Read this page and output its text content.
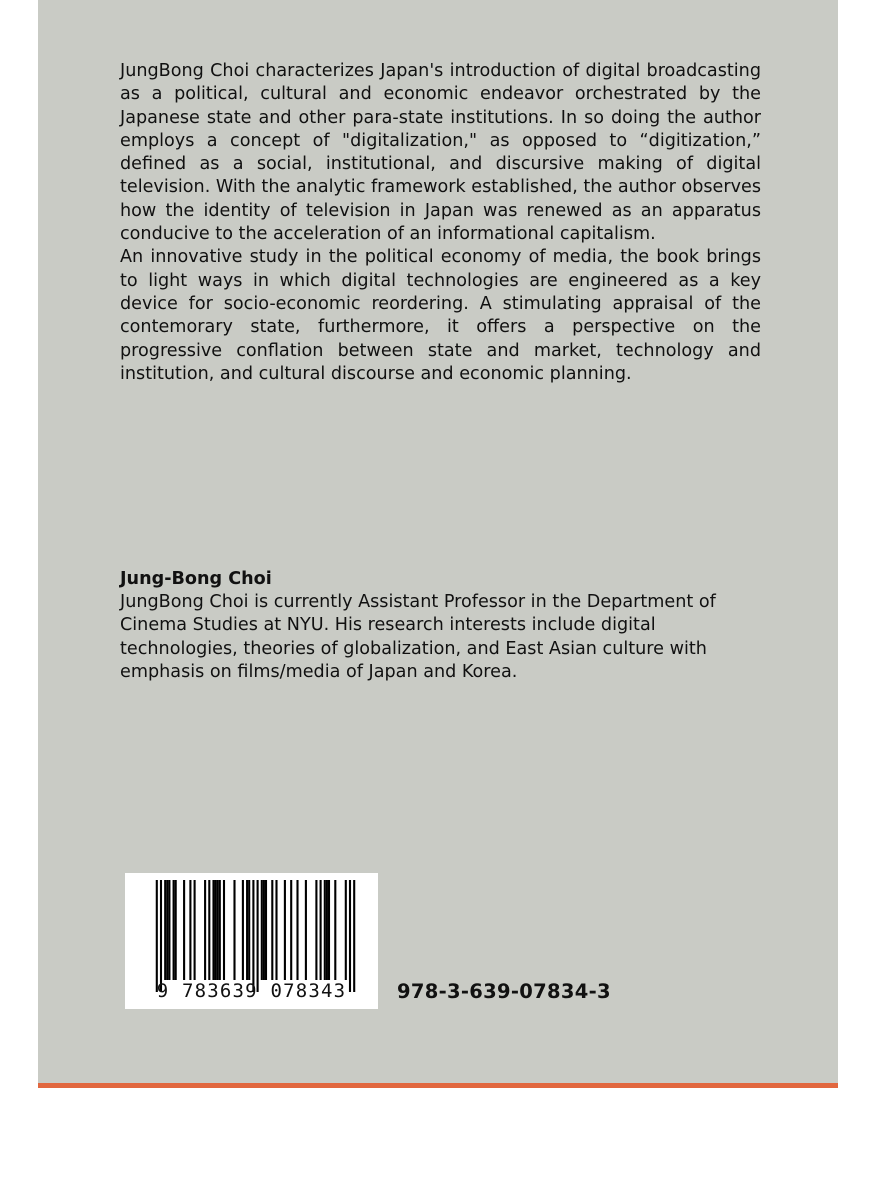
JungBong Choi characterizes Japan's introduction of digital broadcasting as a political, cultural and economic endeavor orchestrated by the Japanese state and other para-state institutions. In so doing the author employs a concept of "digitalization," as opposed to “digitization,” defined as a social, institutional, and discursive making of digital television. With the analytic framework established, the author observes how the identity of television in Japan was renewed as an apparatus conducive to the acceleration of an informational capitalism.

An innovative study in the political economy of media, the book brings to light ways in which digital technologies are engineered as a key device for socio-economic reordering. A stimulating appraisal of the contemorary state, furthermore, it offers a perspective on the progressive conflation between state and market, technology and institution, and cultural discourse and economic planning.

Jung-Bong Choi
JungBong Choi is currently Assistant Professor in the Department of Cinema Studies at NYU. His research interests include digital technologies, theories of globalization, and East Asian culture with emphasis on films/media of Japan and Korea.
9 783639 078343	978-3-639-07834-3
